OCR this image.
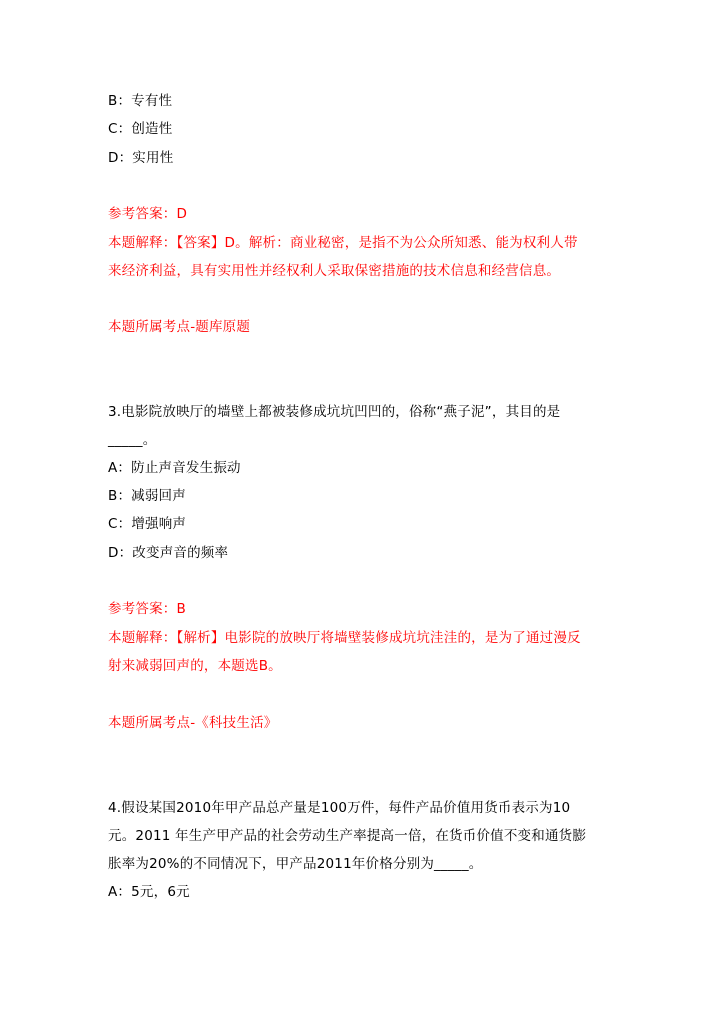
B：专有性
C：创造性
D：实用性
参考答案：D
本题解释：【答案】D。解析：商业秘密，是指不为公众所知悉、能为权利人带
来经济利益，具有实用性并经权利人采取保密措施的技术信息和经营信息。
本题所属考点-题库原题
3.电影院放映厅的墙壁上都被装修成坑坑凹凹的，俗称“燕子泥”，其目的是
_____。
A：防止声音发生振动
B：减弱回声
C：增强响声
D：改变声音的频率
参考答案：B
本题解释：【解析】电影院的放映厅将墙壁装修成坑坑洼洼的，是为了通过漫反
射来减弱回声的，本题选B。
本题所属考点-《科技生活》
4.假设某国2010年甲产品总产量是100万件，每件产品价值用货币表示为10
元。2011 年生产甲产品的社会劳动生产率提高一倍，在货币价值不变和通货膨
胀率为20%的不同情况下，甲产品2011年价格分别为_____。
A：5元，6元
